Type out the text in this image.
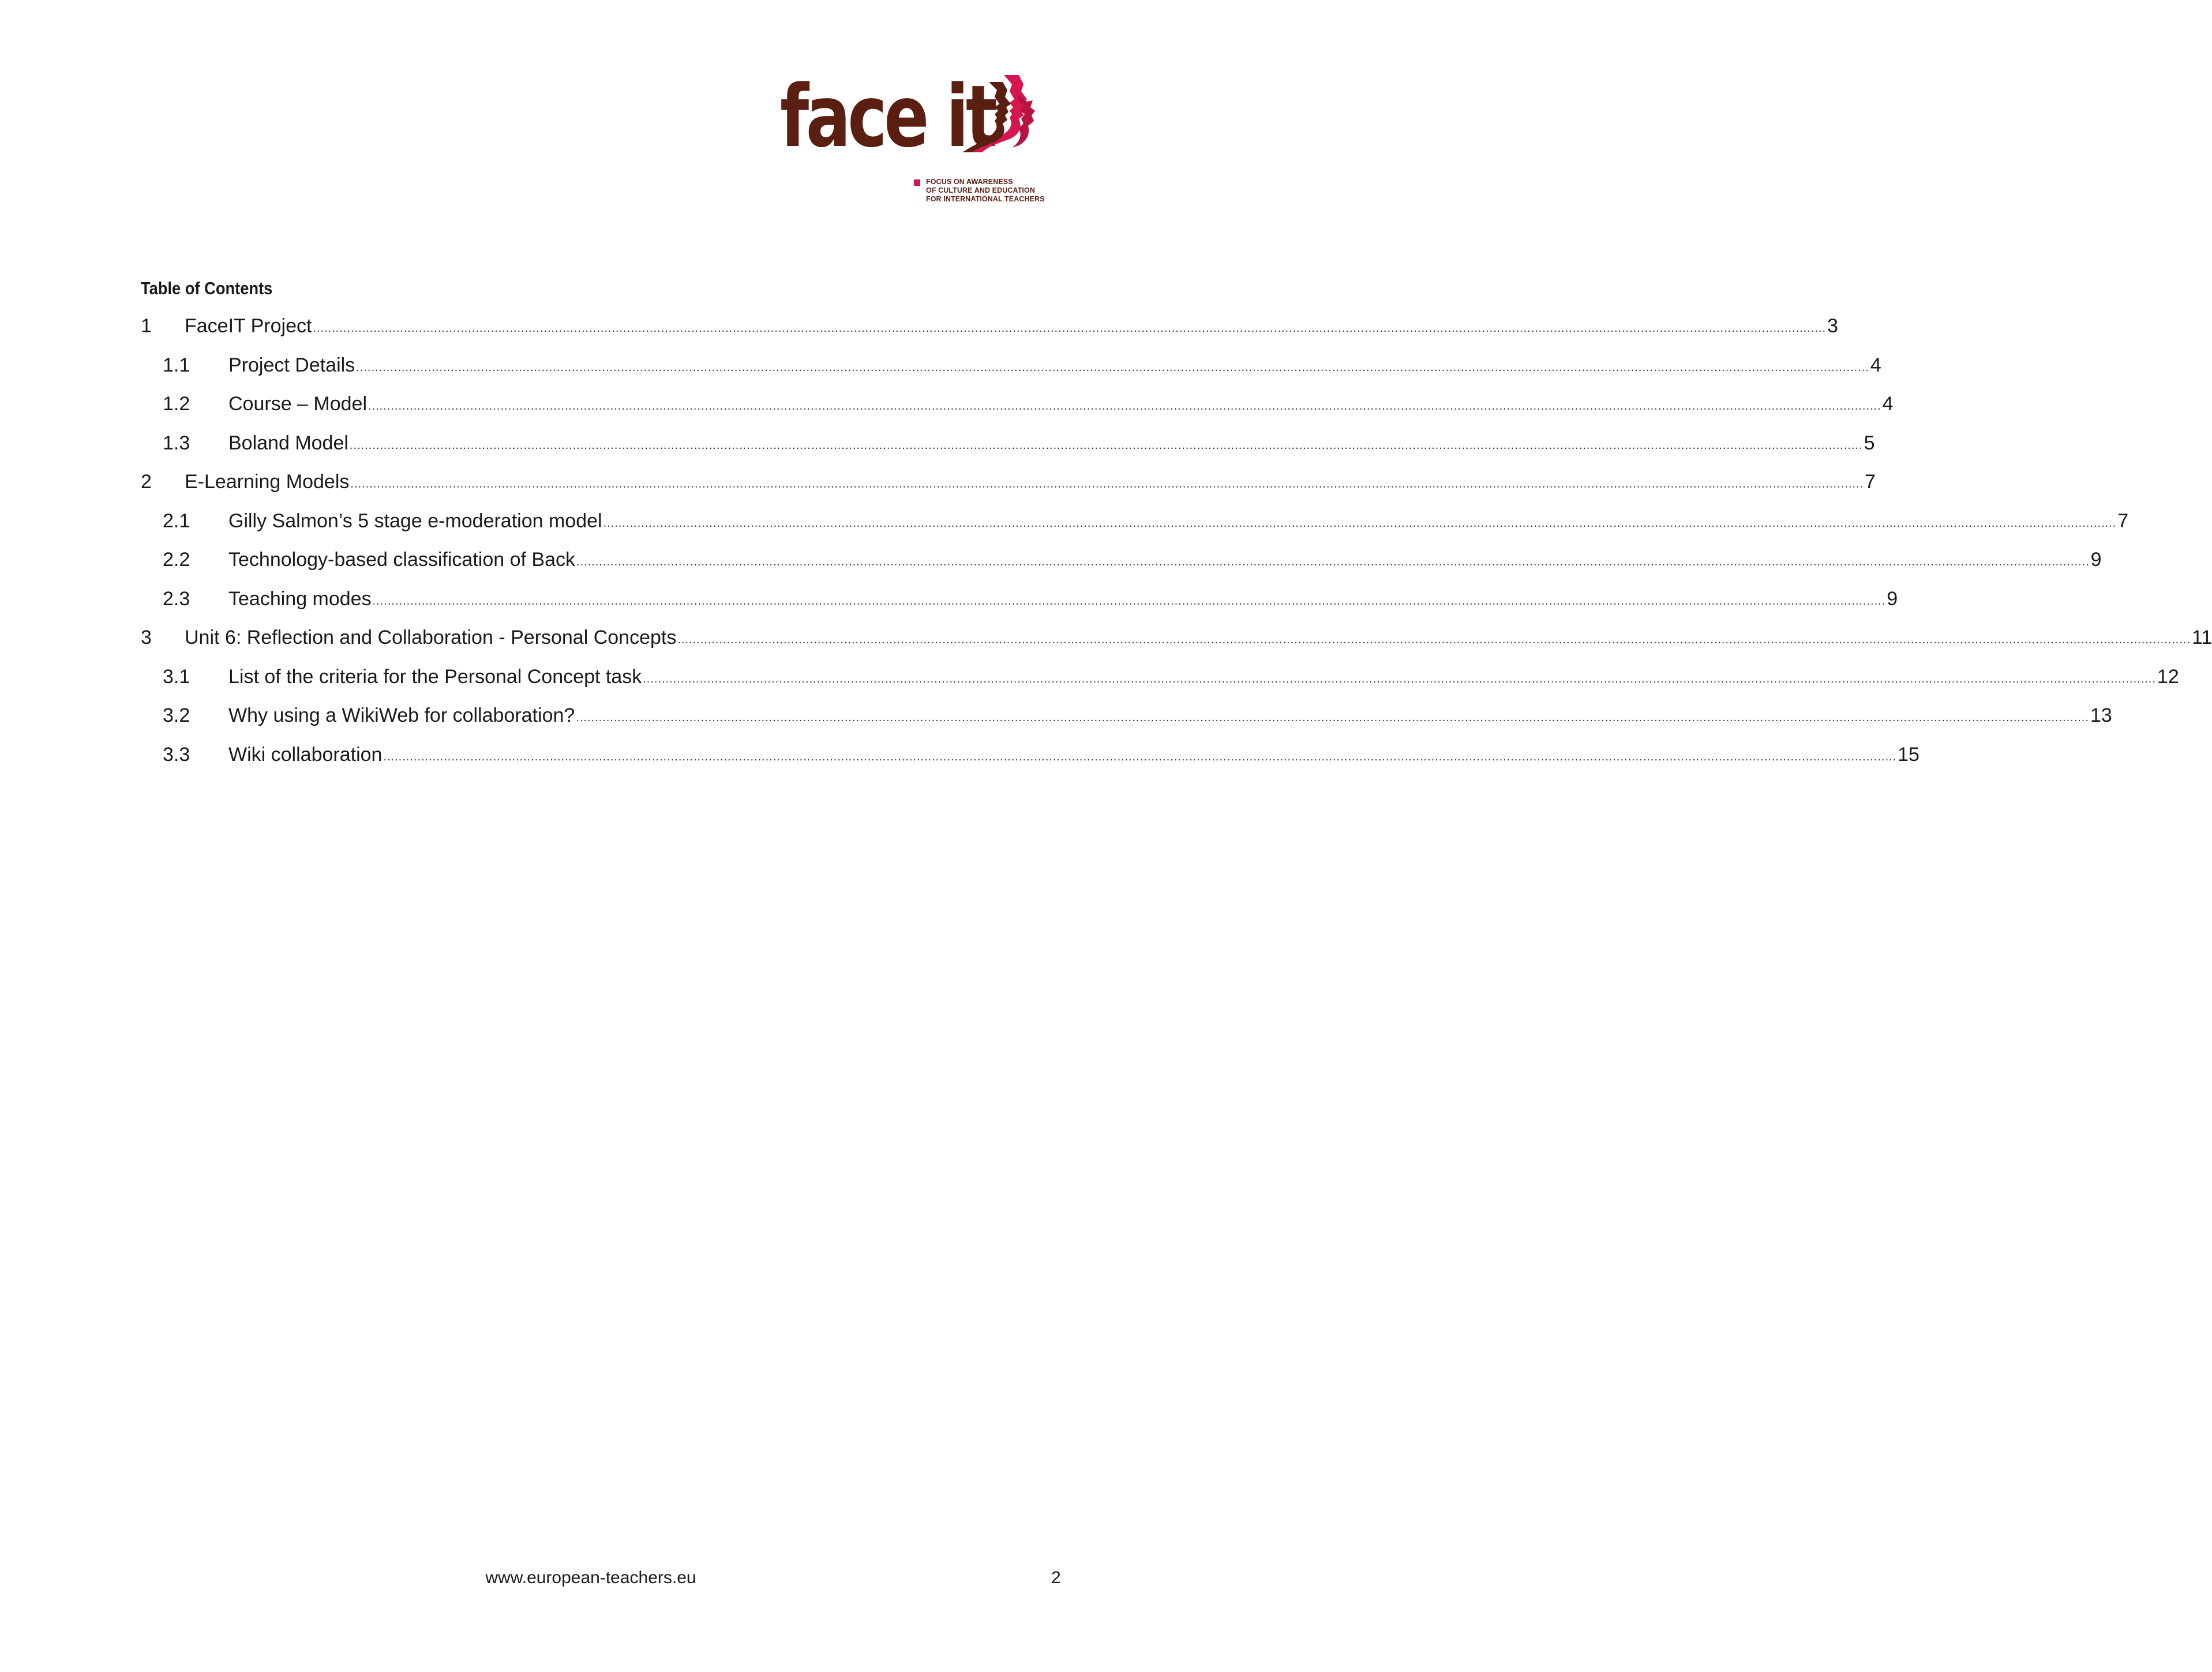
face it
FOCUS ON AWARENESS
OF CULTURE AND EDUCATION
FOR INTERNATIONAL TEACHERS
Table of Contents
1	FaceIT Project ................................................................................................................................................................................................................................................................................................................................................................................................................ 3
1.1	Project Details ................................................................................................................................................................................................................................................................................................................................................................................................................ 4
1.2	Course – Model ................................................................................................................................................................................................................................................................................................................................................................................................................ 4
1.3	Boland Model ................................................................................................................................................................................................................................................................................................................................................................................................................ 5
2	E-Learning Models ................................................................................................................................................................................................................................................................................................................................................................................................................ 7
2.1	Gilly Salmon’s 5 stage e-moderation model ................................................................................................................................................................................................................................................................................................................................................................................................................ 7
2.2	Technology-based classification of Back ................................................................................................................................................................................................................................................................................................................................................................................................................ 9
2.3	Teaching modes ................................................................................................................................................................................................................................................................................................................................................................................................................ 9
3	Unit 6: Reflection and Collaboration - Personal Concepts ................................................................................................................................................................................................................................................................................................................................................................................................................ 11
3.1	List of the criteria for the Personal Concept task ................................................................................................................................................................................................................................................................................................................................................................................................................ 12
3.2	Why using a WikiWeb for collaboration? ................................................................................................................................................................................................................................................................................................................................................................................................................ 13
3.3	Wiki collaboration ................................................................................................................................................................................................................................................................................................................................................................................................................ 15
www.european-teachers.eu	2
